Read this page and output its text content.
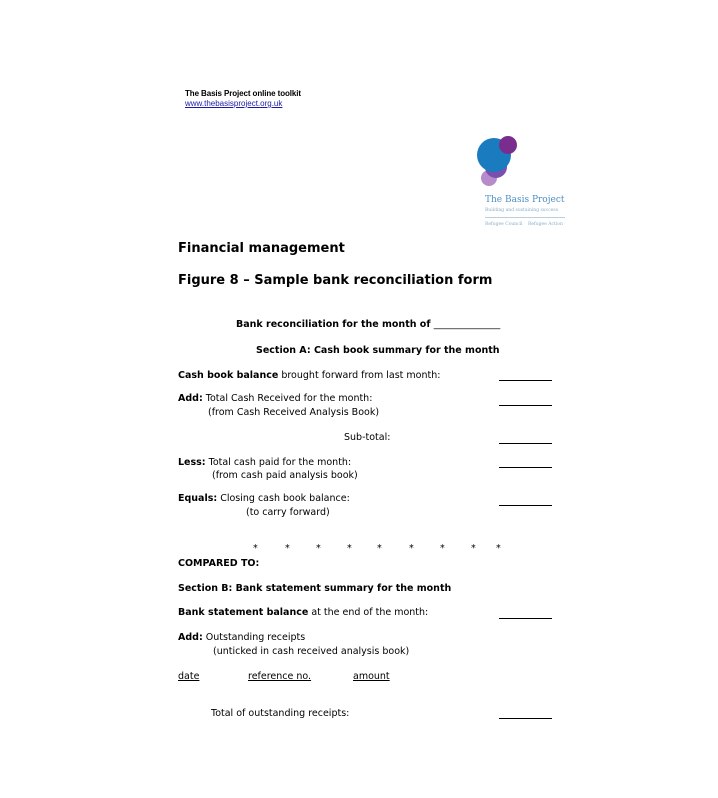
The Basis Project online toolkit
www.thebasisproject.org.uk
The Basis Project
Building and sustaining success
Refugee Council Refugee Action
Financial management
Figure 8 – Sample bank reconciliation form
Bank reconciliation for the month of ______________
Section A: Cash book summary for the month
Cash book balance brought forward from last month:
Add: Total Cash Received for the month:
(from Cash Received Analysis Book)
Sub-total:
Less: Total cash paid for the month:
(from cash paid analysis book)
Equals: Closing cash book balance:
(to carry forward)
*	*	*	*	*	*	*	* *
COMPARED TO:
Section B: Bank statement summary for the month
Bank statement balance at the end of the month:
Add: Outstanding receipts
(unticked in cash received analysis book)
date	reference no.	amount
Total of outstanding receipts:
